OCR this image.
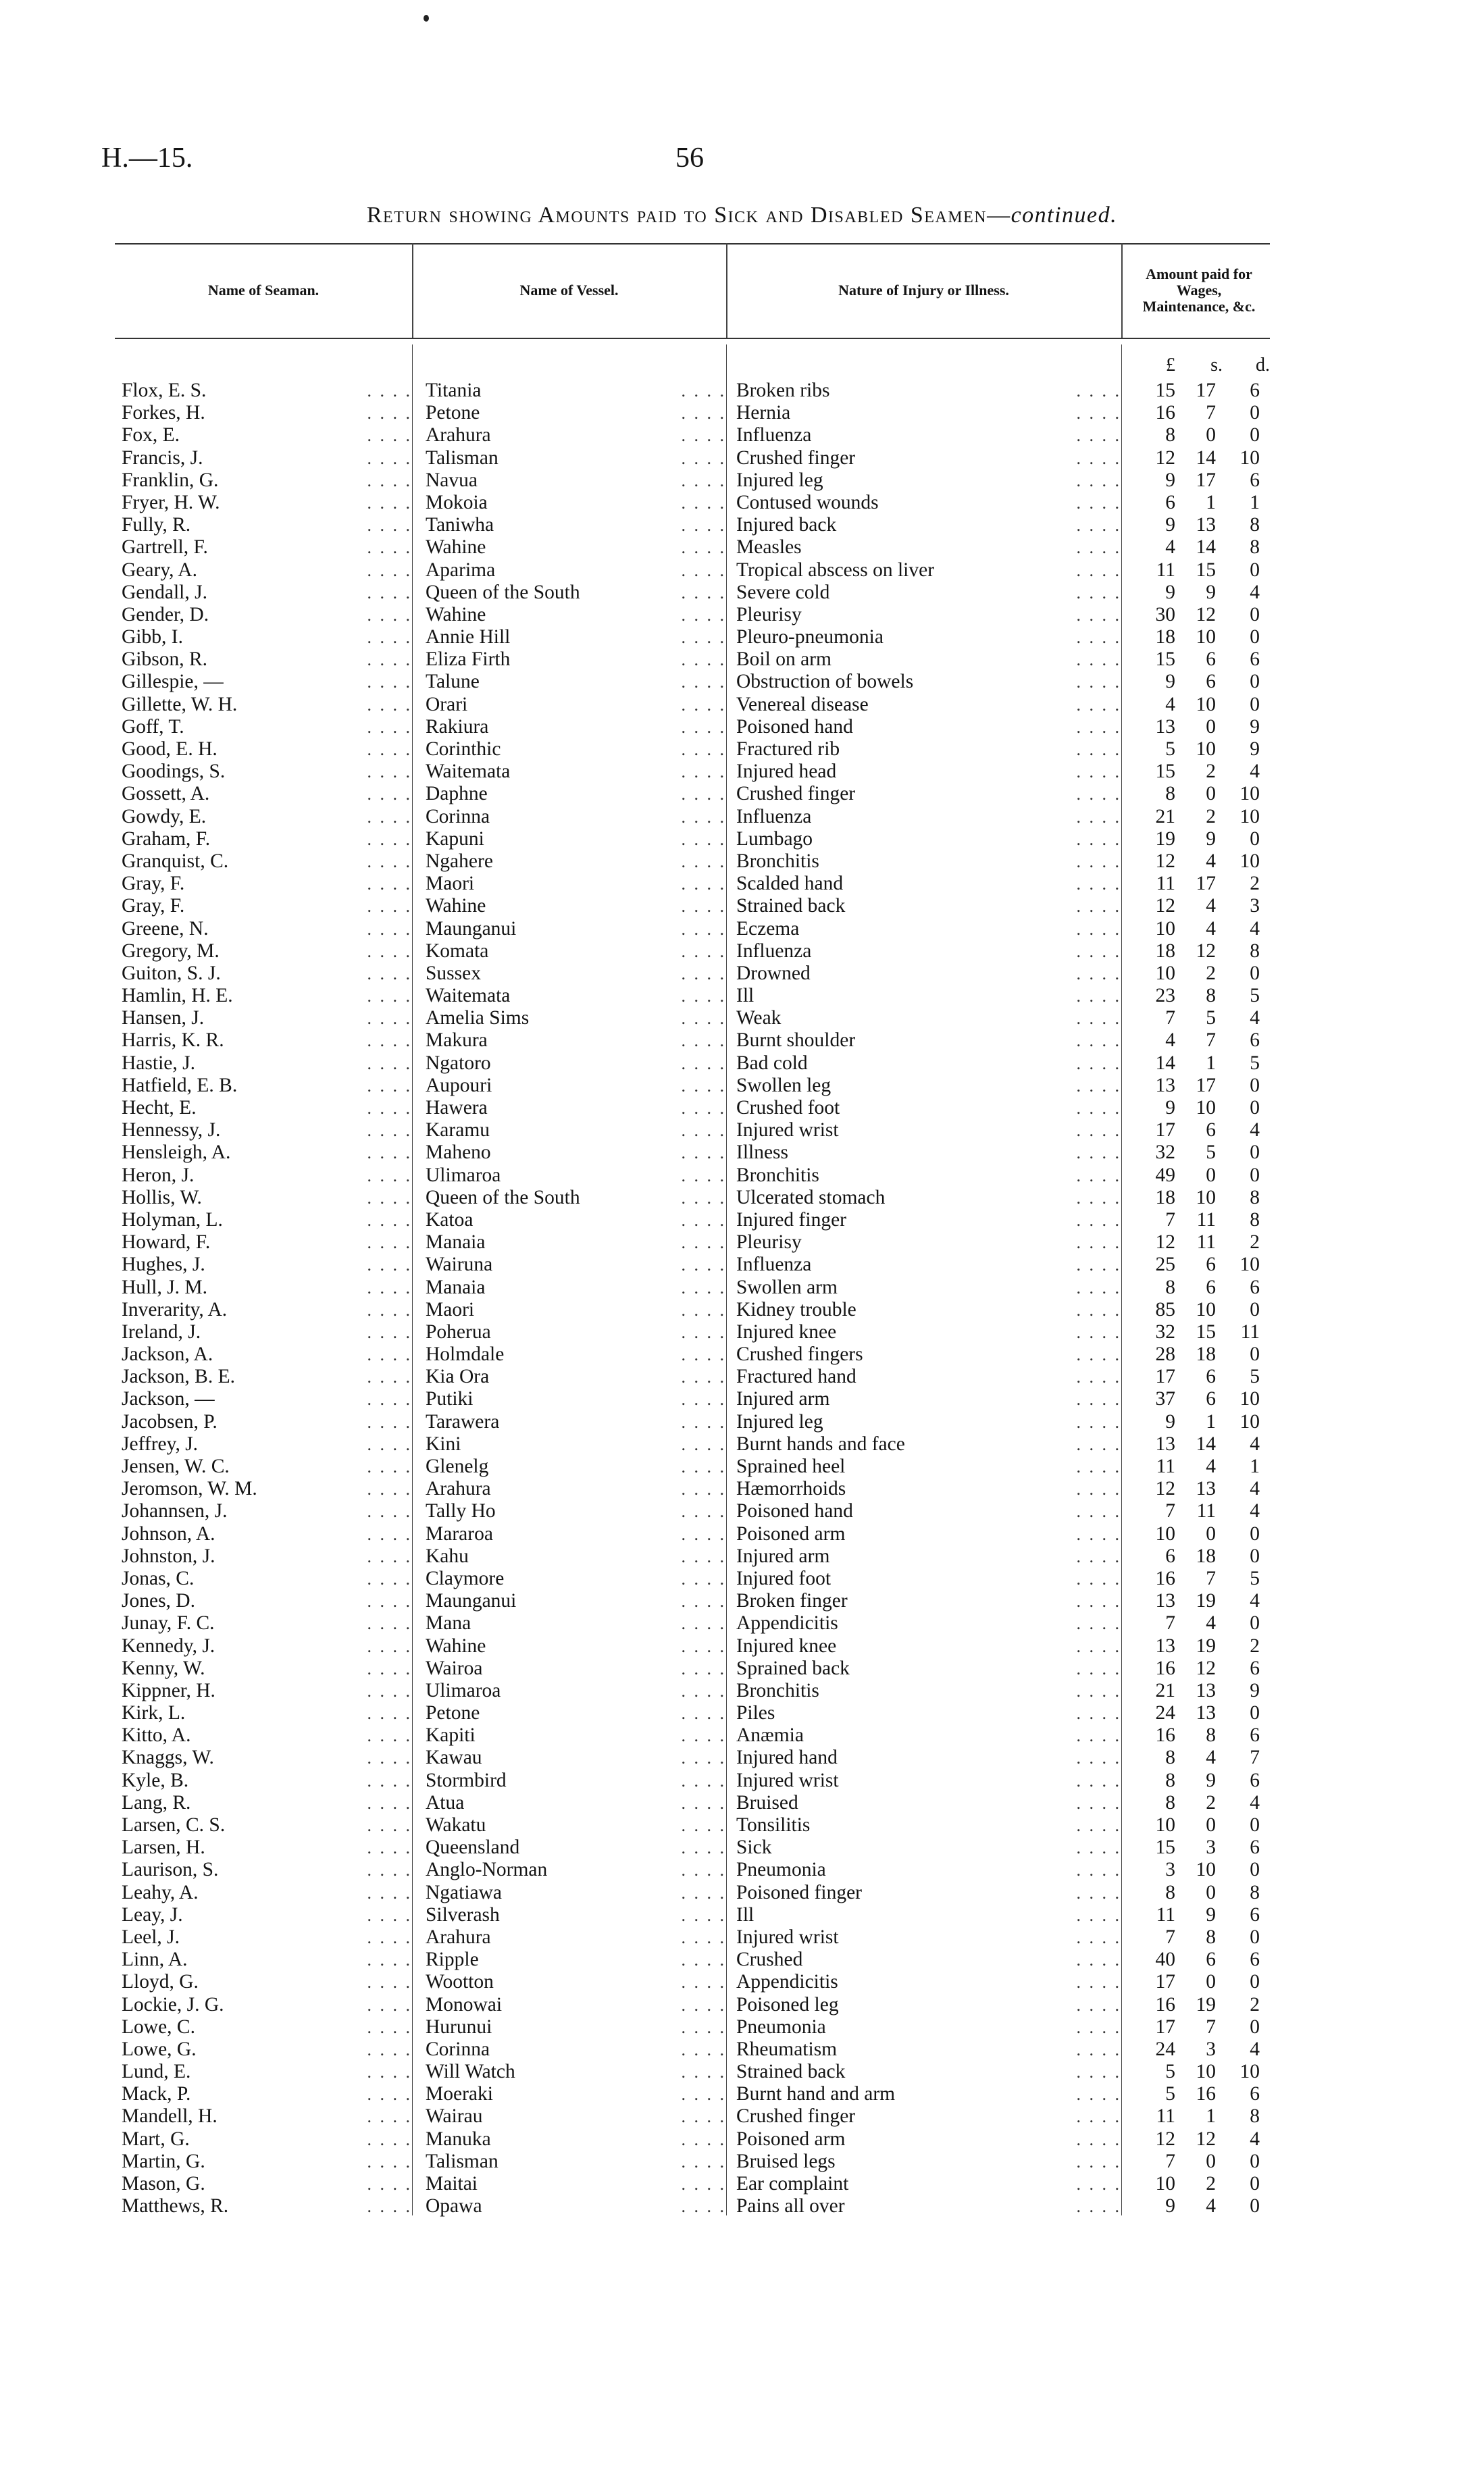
H.—15.	56
Return showing Amounts paid to Sick and Disabled Seamen—continued.
Name of Seaman.	Name of Vessel.	Nature of Injury or Illness.
Amount paid for Wages, Maintenance, &c.
£	s.	d.
Flox, E. S.	Titania	Broken ribs	15	17	6
. . . .	. . . .	. . . .
Forkes, H.	Petone	Hernia	16	7	0
. . . .	. . . .	. . . .
Fox, E.	Arahura	Influenza	8	0	0
. . . .	. . . .	. . . .
Francis, J.	Talisman	Crushed finger	12	14	10
. . . .	. . . .	. . . .
Franklin, G.	Navua	Injured leg	9	17	6
. . . .	. . . .	. . . .
Fryer, H. W.	Mokoia	Contused wounds	6	1	1
. . . .	. . . .	. . . .
Fully, R.	Taniwha	Injured back	9	13	8
. . . .	. . . .	. . . .
Gartrell, F.	Wahine	Measles	4	14	8
. . . .	. . . .	. . . .
Geary, A.	Aparima	Tropical abscess on liver	11	15	0
. . . .	. . . .	. . . .
Gendall, J.	Queen of the South	Severe cold	9	9	4
. . . .	. . . .	. . . .
Gender, D.	Wahine	Pleurisy	30	12	0
. . . .	. . . .	. . . .
Gibb, I.	Annie Hill	Pleuro-pneumonia	18	10	0
. . . .	. . . .	. . . .
Gibson, R.	Eliza Firth	Boil on arm	15	6	6
. . . .	. . . .	. . . .
Gillespie, —	Talune	Obstruction of bowels	9	6	0
. . . .	. . . .	. . . .
Gillette, W. H.	Orari	Venereal disease	4	10	0
. . . .	. . . .	. . . .
Goff, T.	Rakiura	Poisoned hand	13	0	9
. . . .	. . . .	. . . .
Good, E. H.	Corinthic	Fractured rib	5	10	9
. . . .	. . . .	. . . .
Goodings, S.	Waitemata	Injured head	15	2	4
. . . .	. . . .	. . . .
Gossett, A.	Daphne	Crushed finger	8	0	10
. . . .	. . . .	. . . .
Gowdy, E.	Corinna	Influenza	21	2	10
. . . .	. . . .	. . . .
Graham, F.	Kapuni	Lumbago	19	9	0
. . . .	. . . .	. . . .
Granquist, C.	Ngahere	Bronchitis	12	4	10
. . . .	. . . .	. . . .
Gray, F.	Maori	Scalded hand	11	17	2
. . . .	. . . .	. . . .
Gray, F.	Wahine	Strained back	12	4	3
. . . .	. . . .	. . . .
Greene, N.	Maunganui	Eczema	10	4	4
. . . .	. . . .	. . . .
Gregory, M.	Komata	Influenza	18	12	8
. . . .	. . . .	. . . .
Guiton, S. J.	Sussex	Drowned	10	2	0
. . . .	. . . .	. . . .
Hamlin, H. E.	Waitemata	Ill	23	8	5
. . . .	. . . .	. . . .
Hansen, J.	Amelia Sims	Weak	7	5	4
. . . .	. . . .	. . . .
Harris, K. R.	Makura	Burnt shoulder	4	7	6
. . . .	. . . .	. . . .
Hastie, J.	Ngatoro	Bad cold	14	1	5
. . . .	. . . .	. . . .
Hatfield, E. B.	Aupouri	Swollen leg	13	17	0
. . . .	. . . .	. . . .
Hecht, E.	Hawera	Crushed foot	9	10	0
. . . .	. . . .	. . . .
Hennessy, J.	Karamu	Injured wrist	17	6	4
. . . .	. . . .	. . . .
Hensleigh, A.	Maheno	Illness	32	5	0
. . . .	. . . .	. . . .
Heron, J.	Ulimaroa	Bronchitis	49	0	0
. . . .	. . . .	. . . .
Hollis, W.	Queen of the South	Ulcerated stomach	18	10	8
. . . .	. . . .	. . . .
Holyman, L.	Katoa	Injured finger	7	11	8
. . . .	. . . .	. . . .
Howard, F.	Manaia	Pleurisy	12	11	2
. . . .	. . . .	. . . .
Hughes, J.	Wairuna	Influenza	25	6	10
. . . .	. . . .	. . . .
Hull, J. M.	Manaia	Swollen arm	8	6	6
. . . .	. . . .	. . . .
Inverarity, A.	Maori	Kidney trouble	85	10	0
. . . .	. . . .	. . . .
Ireland, J.	Poherua	Injured knee	32	15	11
. . . .	. . . .	. . . .
Jackson, A.	Holmdale	Crushed fingers	28	18	0
. . . .	. . . .	. . . .
Jackson, B. E.	Kia Ora	Fractured hand	17	6	5
. . . .	. . . .	. . . .
Jackson, —	Putiki	Injured arm	37	6	10
. . . .	. . . .	. . . .
Jacobsen, P.	Tarawera	Injured leg	9	1	10
. . . .	. . . .	. . . .
Jeffrey, J.	Kini	Burnt hands and face	13	14	4
. . . .	. . . .	. . . .
Jensen, W. C.	Glenelg	Sprained heel	11	4	1
. . . .	. . . .	. . . .
Jeromson, W. M.	Arahura	Hæmorrhoids	12	13	4
. . . .	. . . .	. . . .
Johannsen, J.	Tally Ho	Poisoned hand	7	11	4
. . . .	. . . .	. . . .
Johnson, A.	Mararoa	Poisoned arm	10	0	0
. . . .	. . . .	. . . .
Johnston, J.	Kahu	Injured arm	6	18	0
. . . .	. . . .	. . . .
Jonas, C.	Claymore	Injured foot	16	7	5
. . . .	. . . .	. . . .
Jones, D.	Maunganui	Broken finger	13	19	4
. . . .	. . . .	. . . .
Junay, F. C.	Mana	Appendicitis	7	4	0
. . . .	. . . .	. . . .
Kennedy, J.	Wahine	Injured knee	13	19	2
. . . .	. . . .	. . . .
Kenny, W.	Wairoa	Sprained back	16	12	6
. . . .	. . . .	. . . .
Kippner, H.	Ulimaroa	Bronchitis	21	13	9
. . . .	. . . .	. . . .
Kirk, L.	Petone	Piles	24	13	0
. . . .	. . . .	. . . .
Kitto, A.	Kapiti	Anæmia	16	8	6
. . . .	. . . .	. . . .
Knaggs, W.	Kawau	Injured hand	8	4	7
. . . .	. . . .	. . . .
Kyle, B.	Stormbird	Injured wrist	8	9	6
. . . .	. . . .	. . . .
Lang, R.	Atua	Bruised	8	2	4
. . . .	. . . .	. . . .
Larsen, C. S.	Wakatu	Tonsilitis	10	0	0
. . . .	. . . .	. . . .
Larsen, H.	Queensland	Sick	15	3	6
. . . .	. . . .	. . . .
Laurison, S.	Anglo-Norman	Pneumonia	3	10	0
. . . .	. . . .	. . . .
Leahy, A.	Ngatiawa	Poisoned finger	8	0	8
. . . .	. . . .	. . . .
Leay, J.	Silverash	Ill	11	9	6
. . . .	. . . .	. . . .
Leel, J.	Arahura	Injured wrist	7	8	0
. . . .	. . . .	. . . .
Linn, A.	Ripple	Crushed	40	6	6
. . . .	. . . .	. . . .
Lloyd, G.	Wootton	Appendicitis	17	0	0
. . . .	. . . .	. . . .
Lockie, J. G.	Monowai	Poisoned leg	16	19	2
. . . .	. . . .	. . . .
Lowe, C.	Hurunui	Pneumonia	17	7	0
. . . .	. . . .	. . . .
Lowe, G.	Corinna	Rheumatism	24	3	4
. . . .	. . . .	. . . .
Lund, E.	Will Watch	Strained back	5	10	10
. . . .	. . . .	. . . .
Mack, P.	Moeraki	Burnt hand and arm	5	16	6
. . . .	. . . .	. . . .
Mandell, H.	Wairau	Crushed finger	11	1	8
. . . .	. . . .	. . . .
Mart, G.	Manuka	Poisoned arm	12	12	4
. . . .	. . . .	. . . .
Martin, G.	Talisman	Bruised legs	7	0	0
. . . .	. . . .	. . . .
Mason, G.	Maitai	Ear complaint	10	2	0
. . . .	. . . .	. . . .
Matthews, R.	Opawa	Pains all over	9	4	0
. . . .	. . . .	. . . .
